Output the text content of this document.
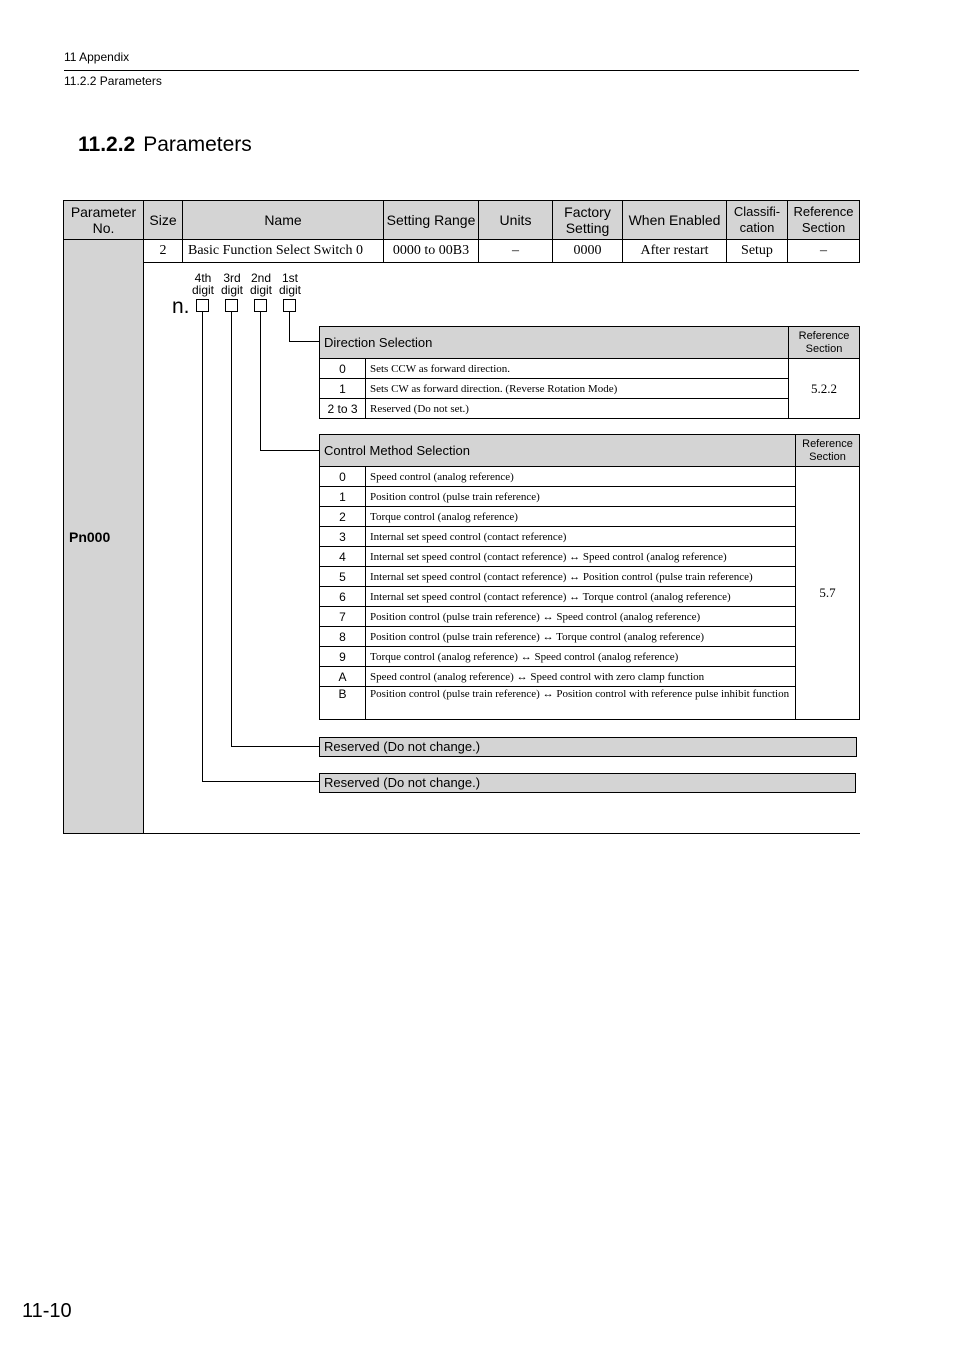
11 Appendix
11.2.2 Parameters
11.2.2 Parameters
Parameter No.	Size	Name	Setting Range	Units	Factory Setting	When Enabled	Classifi-cation	Reference Section
Pn000	2	Basic Function Select Switch 0	0000 to 00B3	–	0000	After restart	Setup	–

4th digit
3rd digit
2nd digit
1st digit
n.
Direction Selection		Reference Section
0	Sets CCW as forward direction.	5.2.2
1	Sets CW as forward direction. (Reverse Rotation Mode)	
2 to 3	Reserved (Do not set.)	
Control Method Selection		Reference Section
0	Speed control (analog reference)	5.7
1	Position control (pulse train reference)	
2	Torque control (analog reference)	
3	Internal set speed control (contact reference)	
4	Internal set speed control (contact reference) ↔ Speed control (analog reference)	
5	Internal set speed control (contact reference) ↔ Position control (pulse train reference)	
6	Internal set speed control (contact reference) ↔ Torque control (analog reference)	
7	Position control (pulse train reference) ↔ Speed control (analog reference)	
8	Position control (pulse train reference) ↔ Torque control (analog reference)	
9	Torque control (analog reference) ↔ Speed control (analog reference)	
A	Speed control (analog reference) ↔ Speed control with zero clamp function	
B	Position control (pulse train reference) ↔ Position control with reference pulse inhibit function	
Reserved (Do not change.)
Reserved (Do not change.)
11-10
